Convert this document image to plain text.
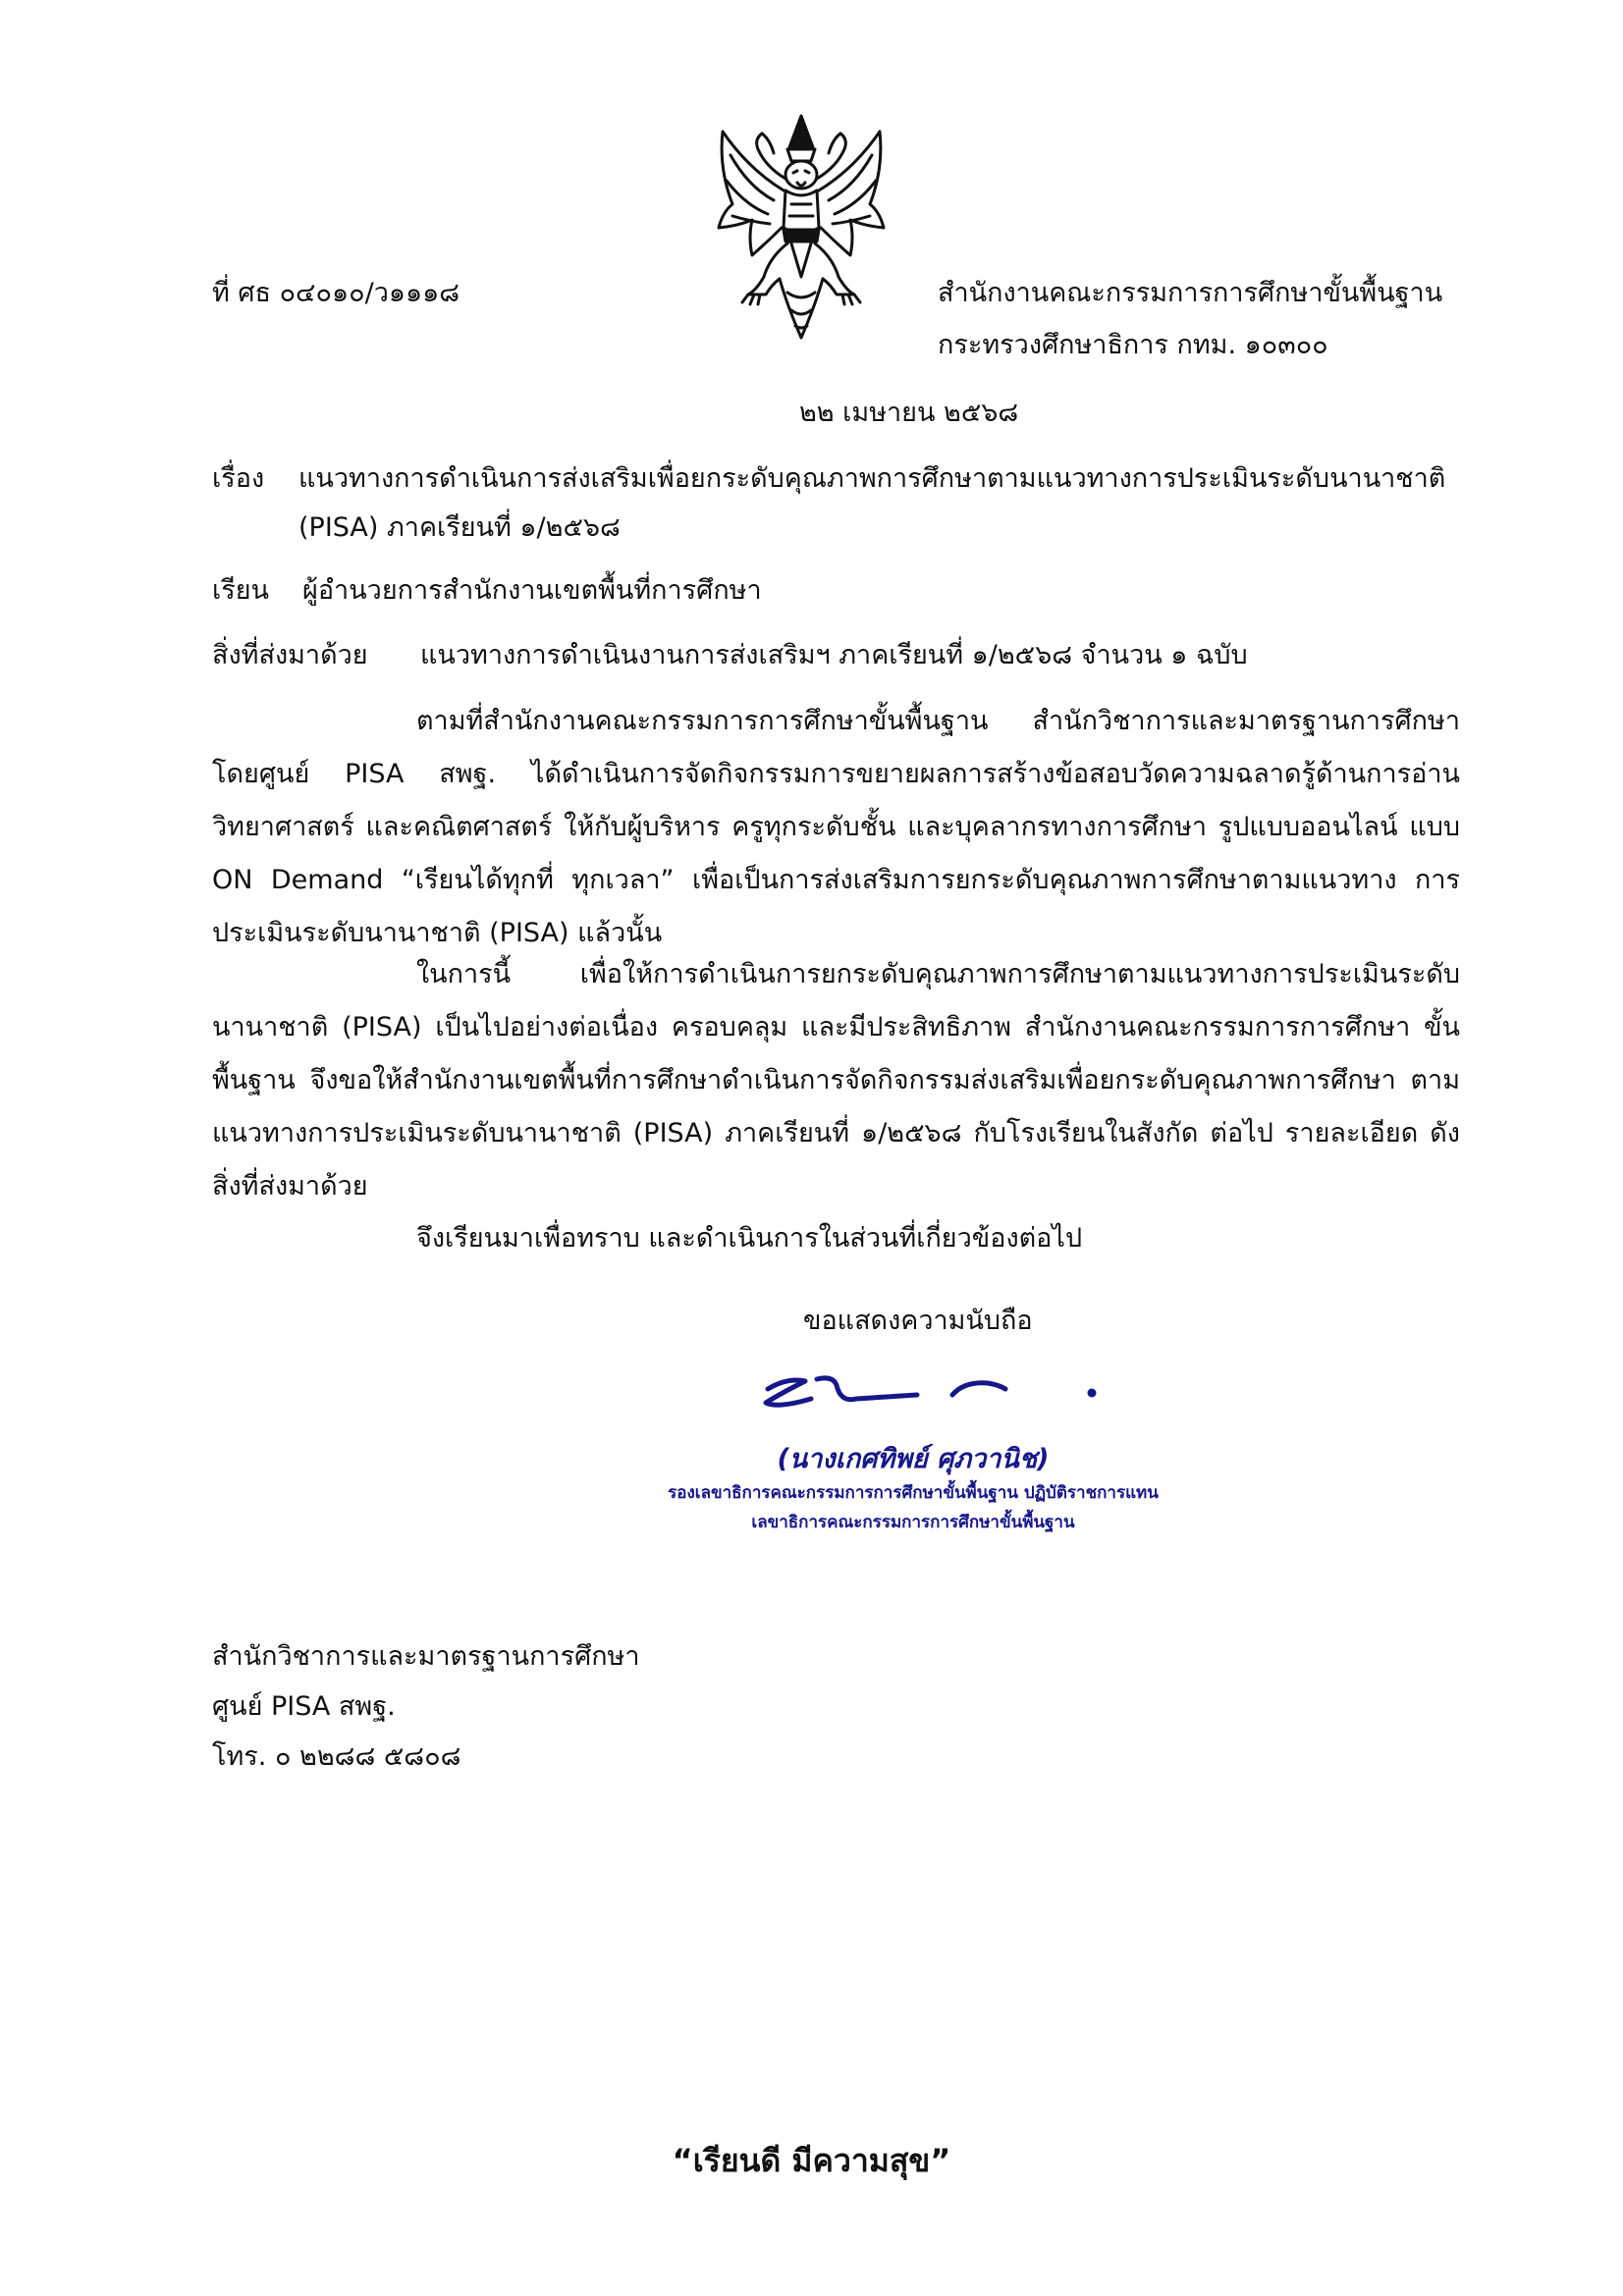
ที่ ศธ ๐๔๐๑๐/ว๑๑๑๘	สำนักงานคณะกรรมการการศึกษาขั้นพื้นฐาน
กระทรวงศึกษาธิการ กทม. ๑๐๓๐๐
๒๒ เมษายน ๒๕๖๘
เรื่อง แนวทางการดำเนินการส่งเสริมเพื่อยกระดับคุณภาพการศึกษาตามแนวทางการประเมินระดับนานาชาติ
(PISA) ภาคเรียนที่ ๑/๒๕๖๘
เรียน ผู้อำนวยการสำนักงานเขตพื้นที่การศึกษา
สิ่งที่ส่งมาด้วย แนวทางการดำเนินงานการส่งเสริมฯ ภาคเรียนที่ ๑/๒๕๖๘ จำนวน ๑ ฉบับ

ตามที่สำนักงานคณะกรรมการการศึกษาขั้นพื้นฐาน สำนักวิชาการและมาตรฐานการศึกษา โดยศูนย์ PISA สพฐ. ได้ดำเนินการจัดกิจกรรมการขยายผลการสร้างข้อสอบวัดความฉลาดรู้ด้านการอ่าน วิทยาศาสตร์ และคณิตศาสตร์ ให้กับผู้บริหาร ครูทุกระดับชั้น และบุคลากรทางการศึกษา รูปแบบออนไลน์ แบบ ON Demand “เรียนได้ทุกที่ ทุกเวลา” เพื่อเป็นการส่งเสริมการยกระดับคุณภาพการศึกษาตามแนวทาง การประเมินระดับนานาชาติ (PISA) แล้วนั้น

ในการนี้ เพื่อให้การดำเนินการยกระดับคุณภาพการศึกษาตามแนวทางการประเมินระดับ นานาชาติ (PISA) เป็นไปอย่างต่อเนื่อง ครอบคลุม และมีประสิทธิภาพ สำนักงานคณะกรรมการการศึกษา ขั้นพื้นฐาน จึงขอให้สำนักงานเขตพื้นที่การศึกษาดำเนินการจัดกิจกรรมส่งเสริมเพื่อยกระดับคุณภาพการศึกษา ตามแนวทางการประเมินระดับนานาชาติ (PISA) ภาคเรียนที่ ๑/๒๕๖๘ กับโรงเรียนในสังกัด ต่อไป รายละเอียด ดังสิ่งที่ส่งมาด้วย

จึงเรียนมาเพื่อทราบ และดำเนินการในส่วนที่เกี่ยวข้องต่อไป
ขอแสดงความนับถือ
(นางเกศทิพย์ ศุภวานิช)
รองเลขาธิการคณะกรรมการการศึกษาขั้นพื้นฐาน ปฏิบัติราชการแทน
เลขาธิการคณะกรรมการการศึกษาขั้นพื้นฐาน
สำนักวิชาการและมาตรฐานการศึกษา
ศูนย์ PISA สพฐ.
โทร. ๐ ๒๒๘๘ ๕๘๐๘
“เรียนดี มีความสุข”
